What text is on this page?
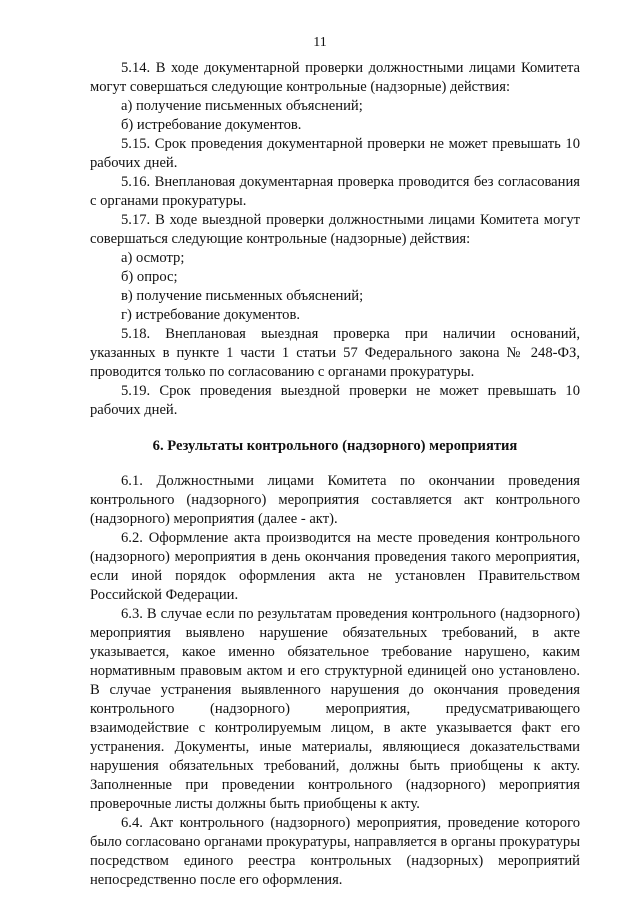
11

5.14. В ходе документарной проверки должностными лицами Комитета могут совершаться следующие контрольные (надзорные) действия:

а) получение письменных объяснений;

б) истребование документов.

5.15. Срок проведения документарной проверки не может превышать 10 рабочих дней.

5.16. Внеплановая документарная проверка проводится без согласования с органами прокуратуры.

5.17. В ходе выездной проверки должностными лицами Комитета могут совершаться следующие контрольные (надзорные) действия:

а) осмотр;

б) опрос;

в) получение письменных объяснений;

г) истребование документов.

5.18. Внеплановая выездная проверка при наличии оснований, указанных в пункте 1 части 1 статьи 57 Федерального закона № 248-ФЗ, проводится только по согласованию с органами прокуратуры.

5.19. Срок проведения выездной проверки не может превышать 10 рабочих дней.

6. Результаты контрольного (надзорного) мероприятия

6.1. Должностными лицами Комитета по окончании проведения контрольного (надзорного) мероприятия составляется акт контрольного (надзорного) мероприятия (далее - акт).

6.2. Оформление акта производится на месте проведения контрольного (надзорного) мероприятия в день окончания проведения такого мероприятия, если иной порядок оформления акта не установлен Правительством Российской Федерации.

6.3. В случае если по результатам проведения контрольного (надзорного) мероприятия выявлено нарушение обязательных требований, в акте указывается, какое именно обязательное требование нарушено, каким нормативным правовым актом и его структурной единицей оно установлено. В случае устранения выявленного нарушения до окончания проведения контрольного (надзорного) мероприятия, предусматривающего взаимодействие с контролируемым лицом, в акте указывается факт его устранения. Документы, иные материалы, являющиеся доказательствами нарушения обязательных требований, должны быть приобщены к акту. Заполненные при проведении контрольного (надзорного) мероприятия проверочные листы должны быть приобщены к акту.

6.4. Акт контрольного (надзорного) мероприятия, проведение которого было согласовано органами прокуратуры, направляется в органы прокуратуры посредством единого реестра контрольных (надзорных) мероприятий непосредственно после его оформления.
